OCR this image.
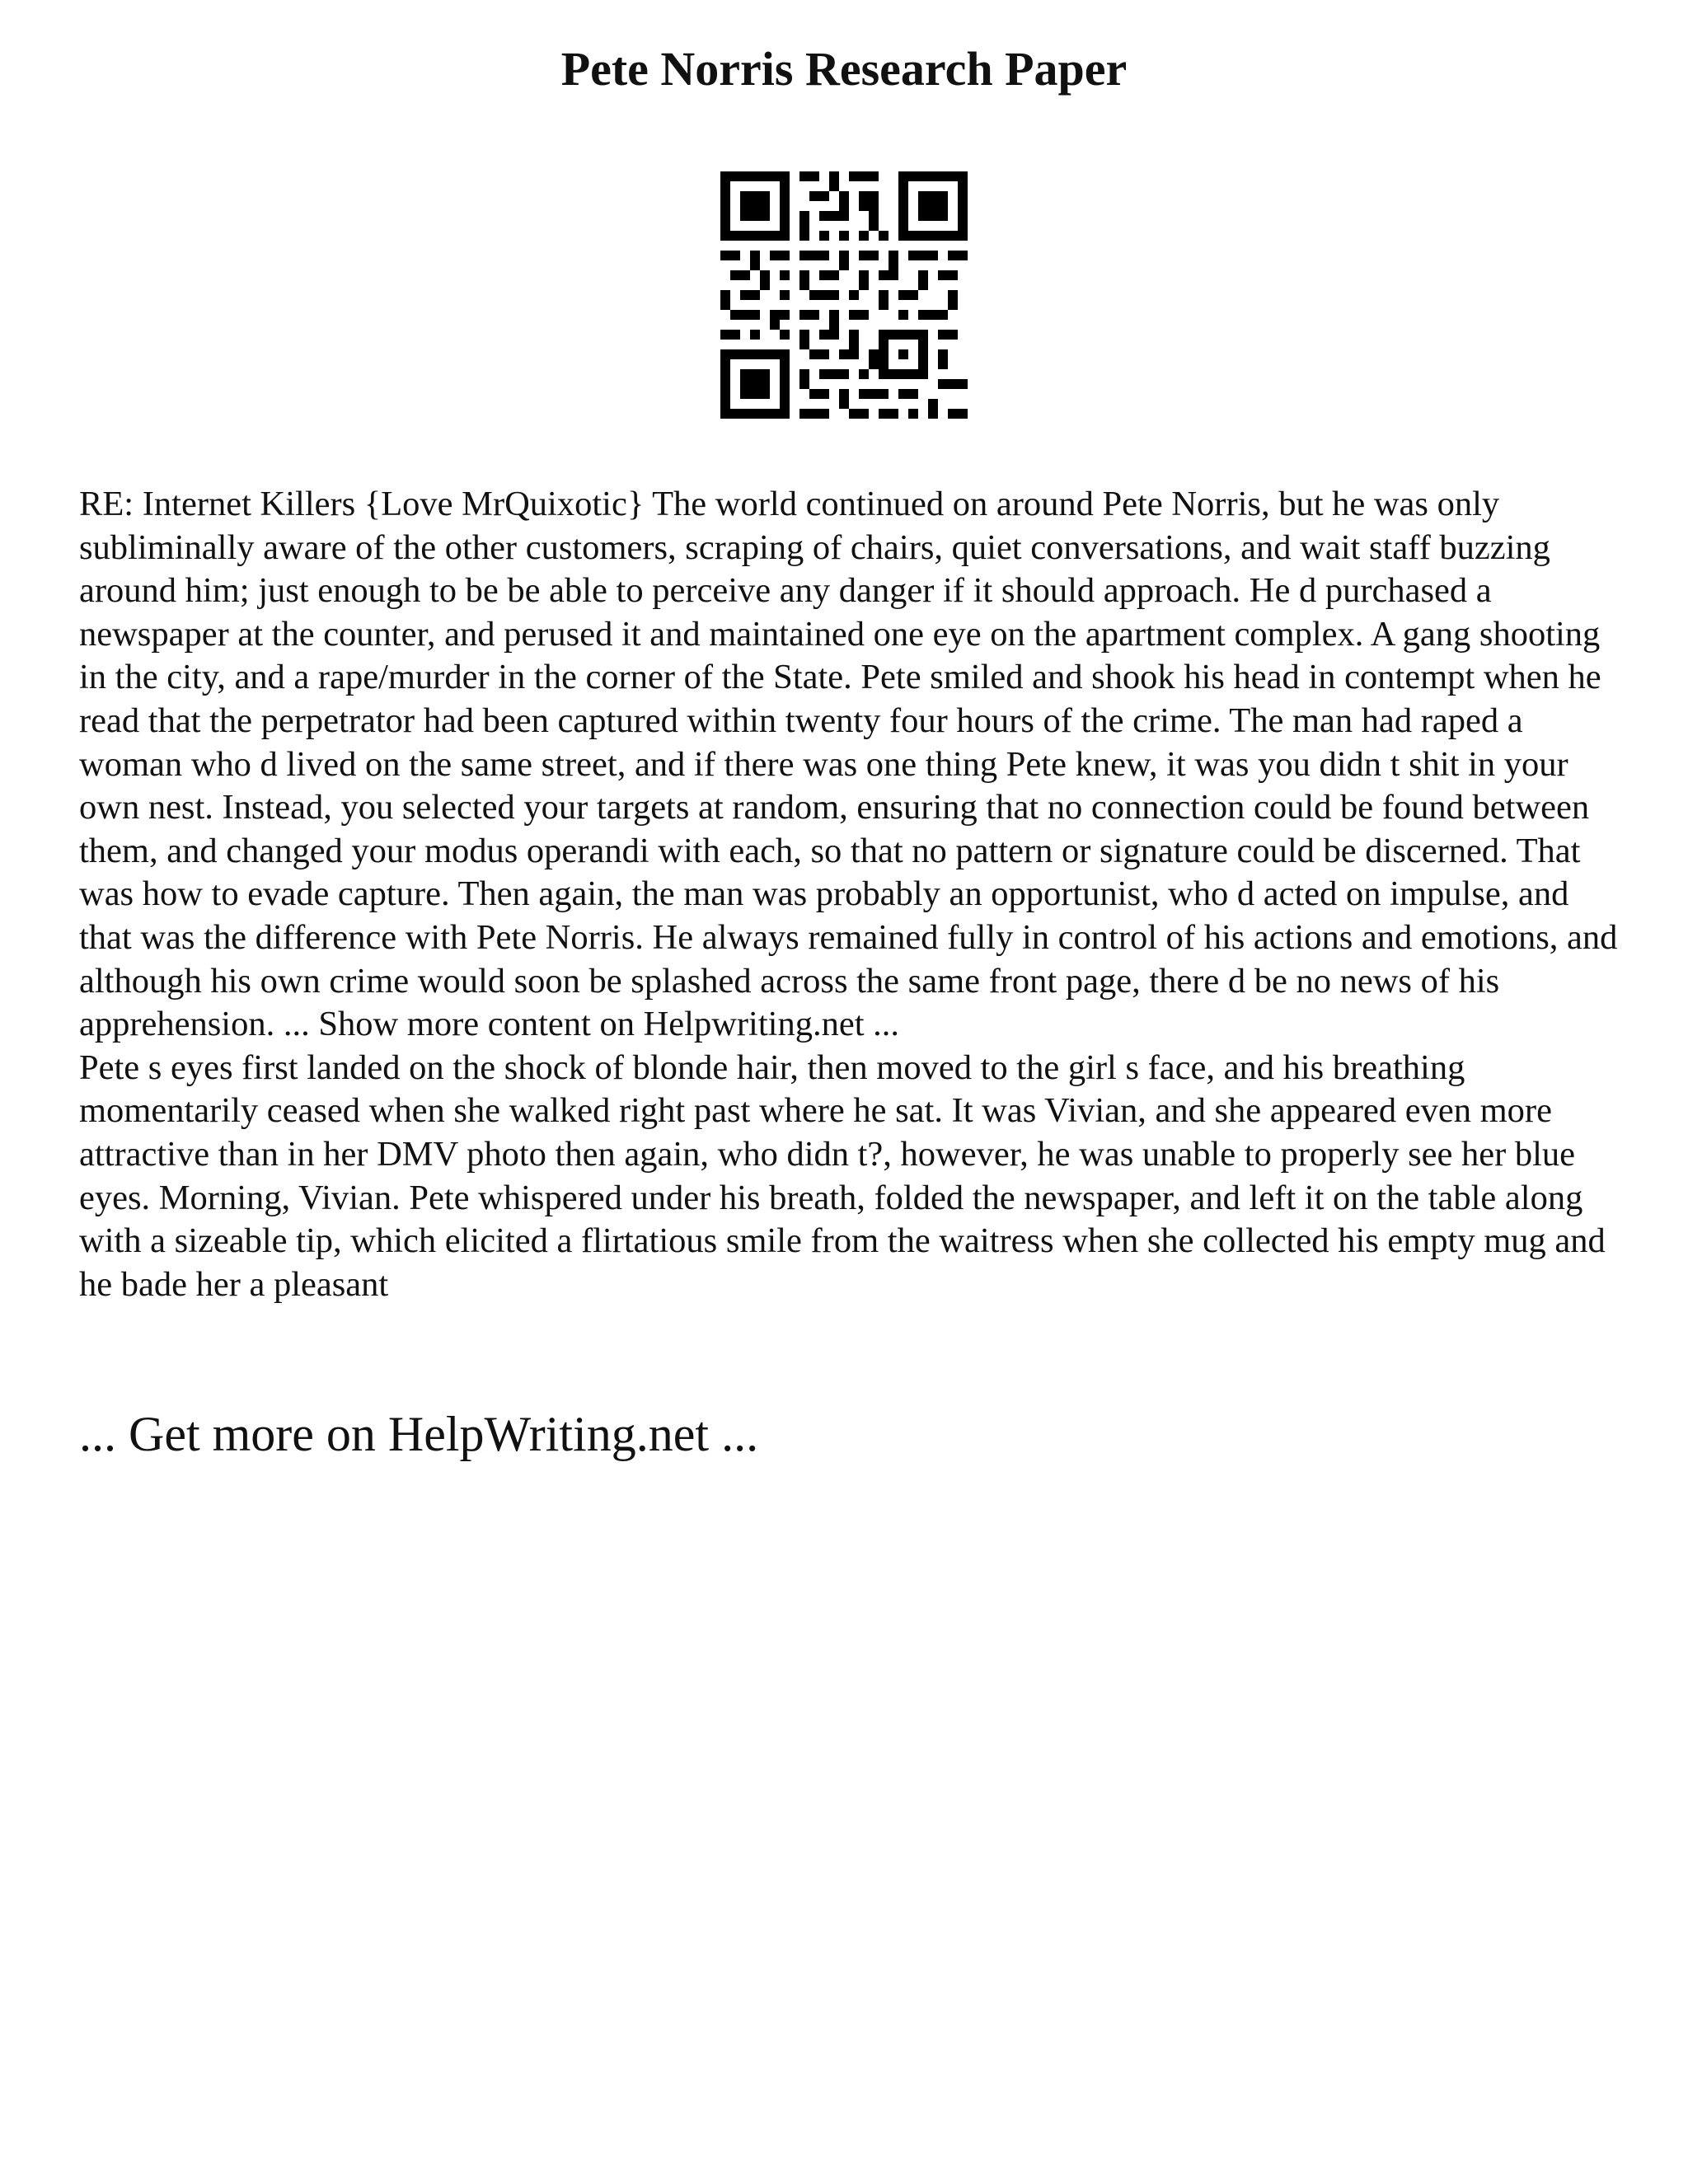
Pete Norris Research Paper

RE: Internet Killers {Love MrQuixotic} The world continued on around Pete Norris, but he was only subliminally aware of the other customers, scraping of chairs, quiet conversations, and wait staff buzzing around him; just enough to be be able to perceive any danger if it should approach. He d purchased a newspaper at the counter, and perused it and maintained one eye on the apartment complex. A gang shooting in the city, and a rape/murder in the corner of the State. Pete smiled and shook his head in contempt when he read that the perpetrator had been captured within twenty four hours of the crime. The man had raped a woman who d lived on the same street, and if there was one thing Pete knew, it was you didn t shit in your own nest. Instead, you selected your targets at random, ensuring that no connection could be found between them, and changed your modus operandi with each, so that no pattern or signature could be discerned. That was how to evade capture. Then again, the man was probably an opportunist, who d acted on impulse, and that was the difference with Pete Norris. He always remained fully in control of his actions and emotions, and although his own crime would soon be splashed across the same front page, there d be no news of his apprehension. ... Show more content on Helpwriting.net ...

Pete s eyes first landed on the shock of blonde hair, then moved to the girl s face, and his breathing momentarily ceased when she walked right past where he sat. It was Vivian, and she appeared even more attractive than in her DMV photo then again, who didn t?, however, he was unable to properly see her blue eyes. Morning, Vivian. Pete whispered under his breath, folded the newspaper, and left it on the table along with a sizeable tip, which elicited a flirtatious smile from the waitress when she collected his empty mug and he bade her a pleasant

... Get more on HelpWriting.net ...
